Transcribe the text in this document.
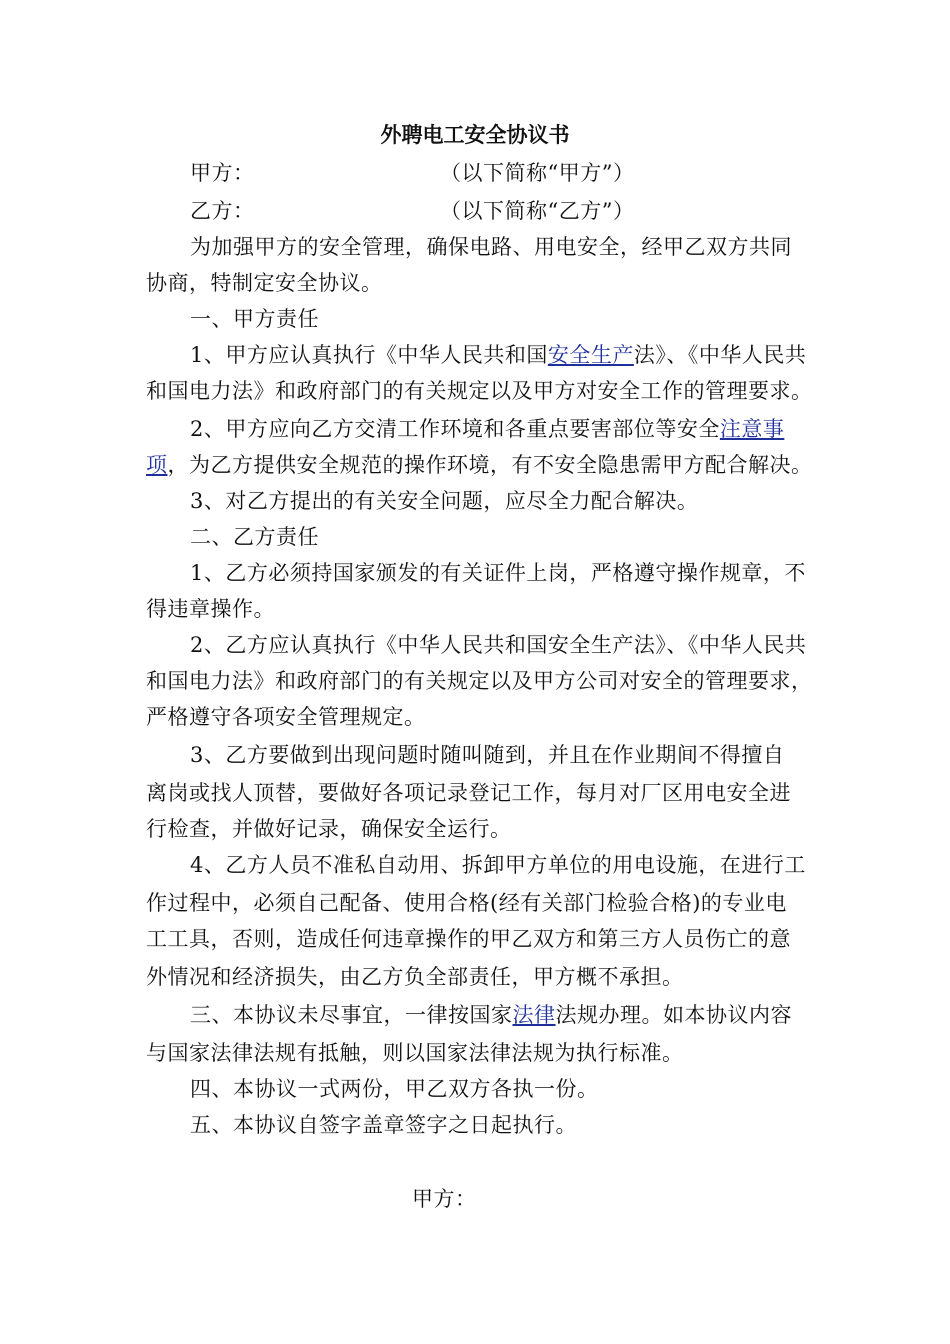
外聘电工安全协议书
甲方：	（以下简称“甲方”）
乙方：	（以下简称“乙方”）
为加强甲方的安全管理，确保电路、用电安全，经甲乙双方共同
协商，特制定安全协议。
一、甲方责任
1、甲方应认真执行《中华人民共和国安全生产法》、《中华人民共
和国电力法》和政府部门的有关规定以及甲方对安全工作的管理要求。
2、甲方应向乙方交清工作环境和各重点要害部位等安全注意事
项，为乙方提供安全规范的操作环境，有不安全隐患需甲方配合解决。
3、对乙方提出的有关安全问题，应尽全力配合解决。
二、乙方责任
1、乙方必须持国家颁发的有关证件上岗，严格遵守操作规章，不
得违章操作。
2、乙方应认真执行《中华人民共和国安全生产法》、《中华人民共
和国电力法》和政府部门的有关规定以及甲方公司对安全的管理要求，
严格遵守各项安全管理规定。
3、乙方要做到出现问题时随叫随到，并且在作业期间不得擅自
离岗或找人顶替，要做好各项记录登记工作，每月对厂区用电安全进
行检查，并做好记录，确保安全运行。
4、乙方人员不准私自动用、拆卸甲方单位的用电设施，在进行工
作过程中，必须自己配备、使用合格(经有关部门检验合格)的专业电
工工具，否则，造成任何违章操作的甲乙双方和第三方人员伤亡的意
外情况和经济损失，由乙方负全部责任，甲方概不承担。
三、本协议未尽事宜，一律按国家法律法规办理。如本协议内容
与国家法律法规有抵触，则以国家法律法规为执行标准。
四、本协议一式两份，甲乙双方各执一份。
五、本协议自签字盖章签字之日起执行。
甲方：
